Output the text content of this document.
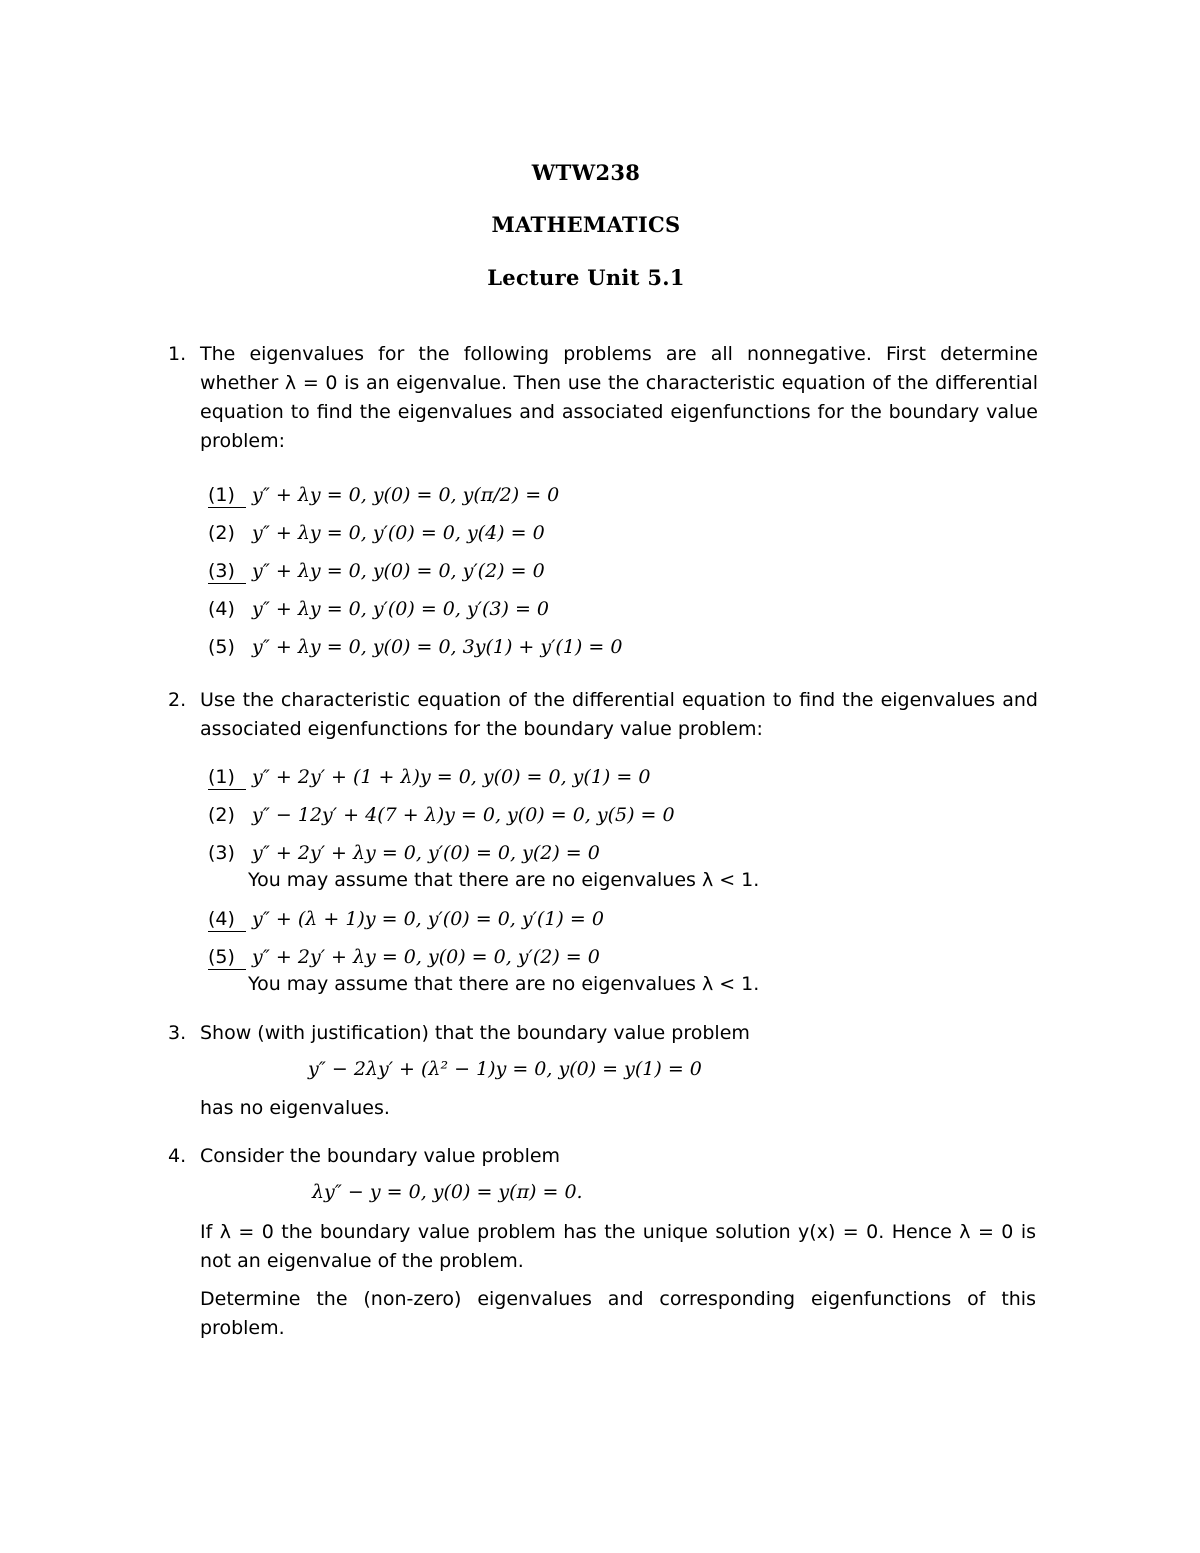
WTW238
MATHEMATICS
Lecture Unit 5.1
1. The eigenvalues for the following problems are all nonnegative. First determine whether λ = 0 is an eigenvalue. Then use the characteristic equation of the differential equation to find the eigenvalues and associated eigenfunctions for the boundary value problem:
(1) y″ + λy = 0, y(0) = 0, y(π/2) = 0
(2) y″ + λy = 0, y′(0) = 0, y(4) = 0
(3) y″ + λy = 0, y(0) = 0, y′(2) = 0
(4) y″ + λy = 0, y′(0) = 0, y′(3) = 0
(5) y″ + λy = 0, y(0) = 0, 3y(1) + y′(1) = 0
2. Use the characteristic equation of the differential equation to find the eigenvalues and associated eigenfunctions for the boundary value problem:
(1) y″ + 2y′ + (1 + λ)y = 0, y(0) = 0, y(1) = 0
(2) y″ − 12y′ + 4(7 + λ)y = 0, y(0) = 0, y(5) = 0
(3) y″ + 2y′ + λy = 0, y′(0) = 0, y(2) = 0
(4) y″ + (λ + 1)y = 0, y′(0) = 0, y′(1) = 0
(5) y″ + 2y′ + λy = 0, y(0) = 0, y′(2) = 0
You may assume that there are no eigenvalues λ < 1.
You may assume that there are no eigenvalues λ < 1.
3. Show (with justification) that the boundary value problem
y″ − 2λy′ + (λ² − 1)y = 0, y(0) = y(1) = 0
has no eigenvalues.
4. Consider the boundary value problem
λy″ − y = 0, y(0) = y(π) = 0.
If λ = 0 the boundary value problem has the unique solution y(x) = 0. Hence λ = 0 is not an eigenvalue of the problem.
Determine the (non-zero) eigenvalues and corresponding eigenfunctions of this problem.
